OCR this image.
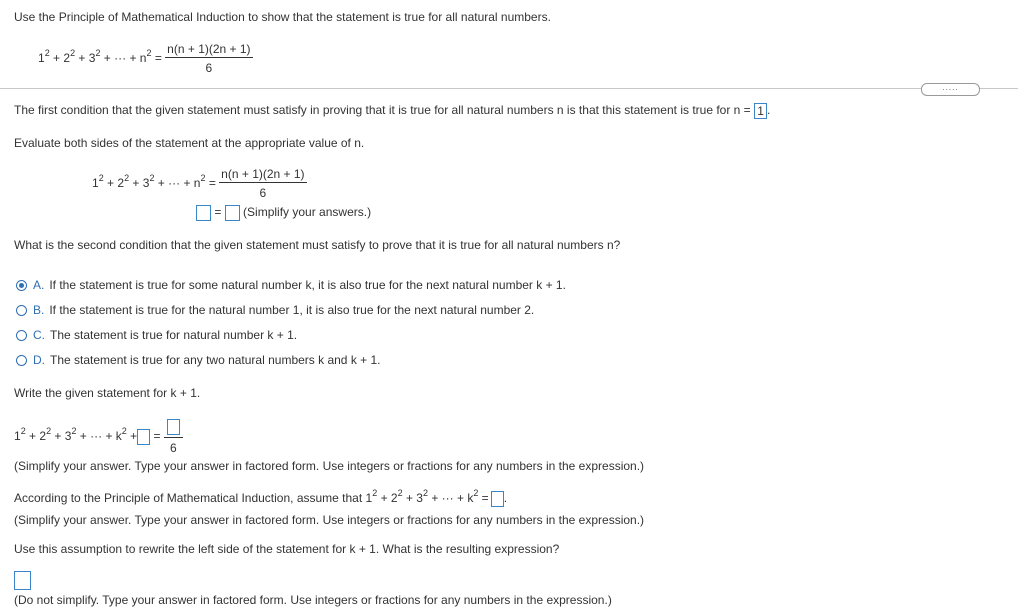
Use the Principle of Mathematical Induction to show that the statement is true for all natural numbers.
$1^2 + 2^2 + 3^2$ + ··· + $n^2 = \frac{n(n + 1)(2n + 1)}{6}$
.....
The first condition that the given statement must satisfy in proving that it is true for all natural numbers n is that this statement is true for n = 1 .
Evaluate both sides of the statement at the appropriate value of n.
$1^2 + 2^2 + 3^2$ + ··· + $n^2 = \frac{n(n + 1)(2n + 1)}{6}$
= (Simplify your answers.)
What is the second condition that the given statement must satisfy to prove that it is true for all natural numbers n?
A. If the statement is true for some natural number k, it is also true for the next natural number k + 1.
B. If the statement is true for the natural number 1, it is also true for the next natural number 2.
C. The statement is true for natural number k + 1.
D. The statement is true for any two natural numbers k and k + 1.
Write the given statement for k + 1.
$1^2 + 2^2 + 3^2$ + ··· + $k^2$ + =
6
(Simplify your answer. Type your answer in factored form. Use integers or fractions for any numbers in the expression.)
According to the Principle of Mathematical Induction, assume that $1^2 + 2^2 + 3^2$ + ··· + $k^2$ = .
(Simplify your answer. Type your answer in factored form. Use integers or fractions for any numbers in the expression.)
Use this assumption to rewrite the left side of the statement for k + 1. What is the resulting expression?
(Do not simplify. Type your answer in factored form. Use integers or fractions for any numbers in the expression.)
